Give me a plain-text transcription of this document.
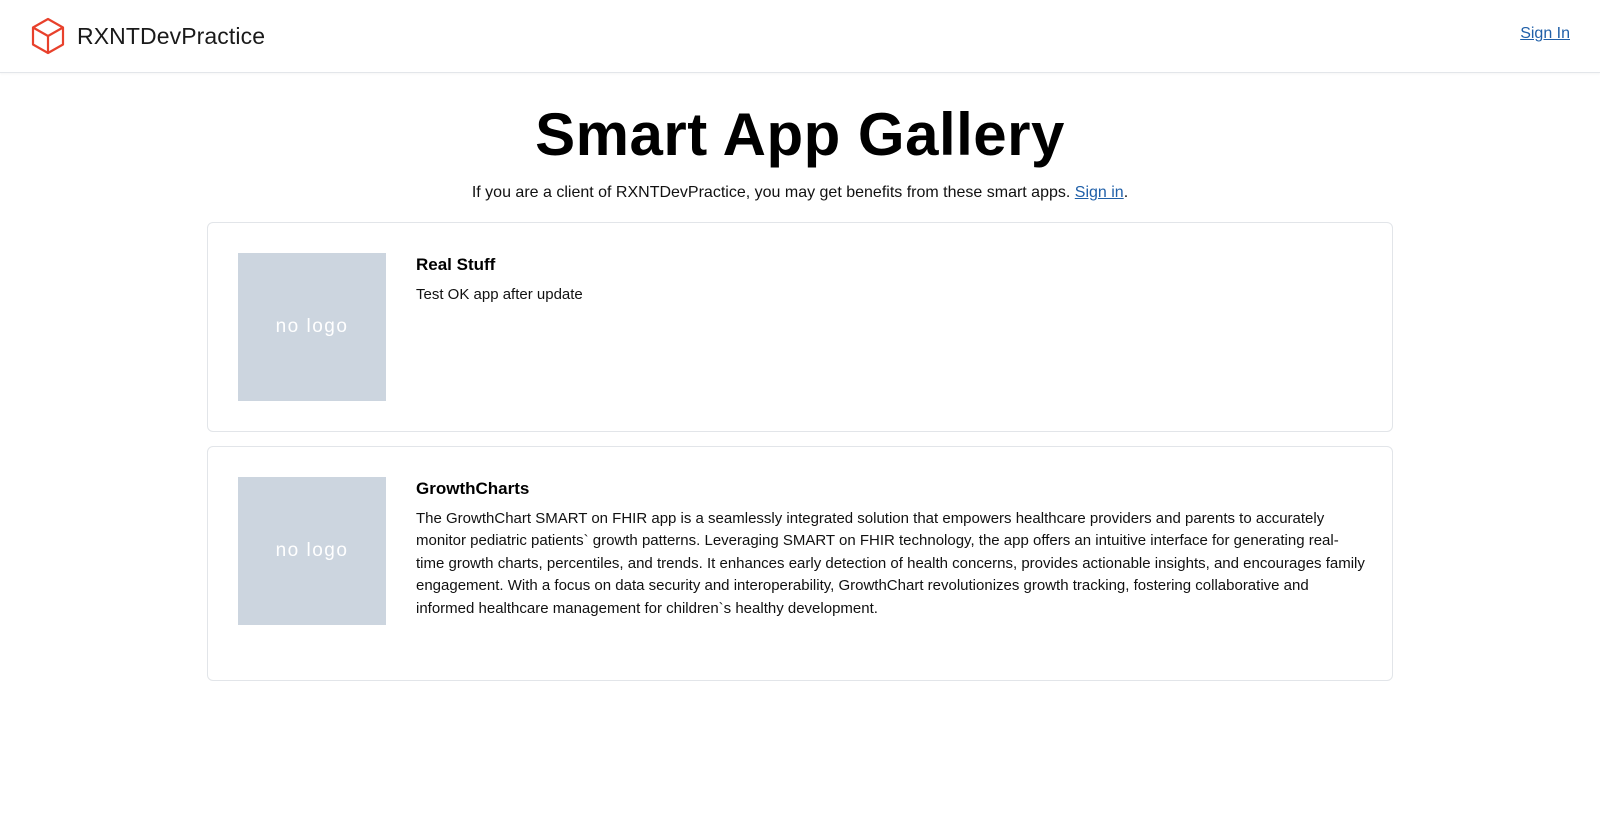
RXNTDevPractice	Sign In
Smart App Gallery
If you are a client of RXNTDevPractice, you may get benefits from these smart apps. Sign in.
no logo
Real Stuff

Test OK app after update

no logo
GrowthCharts

The GrowthChart SMART on FHIR app is a seamlessly integrated solution that empowers healthcare providers and parents to accurately monitor pediatric patients` growth patterns. Leveraging SMART on FHIR technology, the app offers an intuitive interface for generating real-time growth charts, percentiles, and trends. It enhances early detection of health concerns, provides actionable insights, and encourages family engagement. With a focus on data security and interoperability, GrowthChart revolutionizes growth tracking, fostering collaborative and informed healthcare management for children`s healthy development.
